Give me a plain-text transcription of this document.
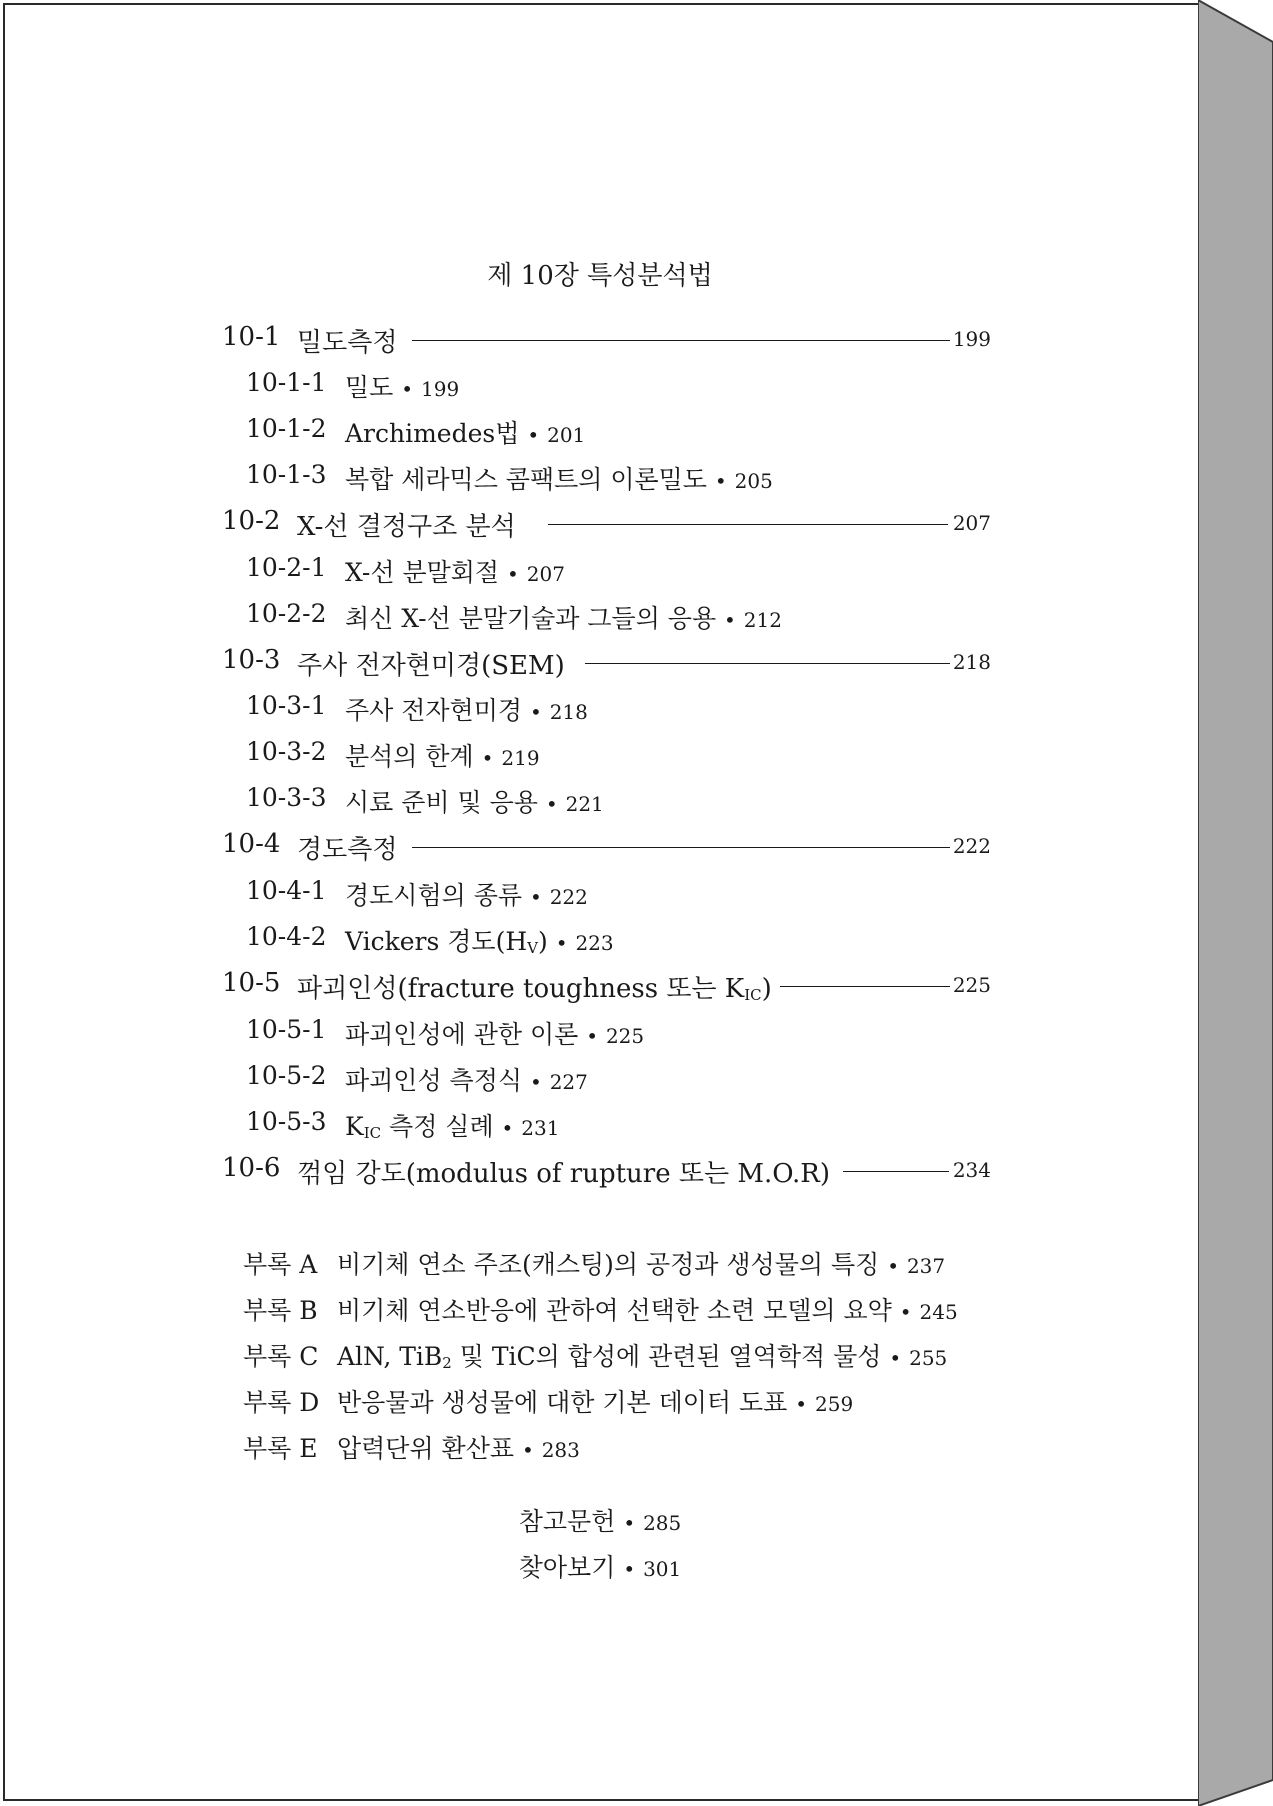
제 10장 특성분석법
10-1 밀도측정	199
10-1-1 밀도 • 199
10-1-2 Archimedes법 • 201
10-1-3 복합 세라믹스 콤팩트의 이론밀도 • 205
10-2 X-선 결정구조 분석	207
10-2-1 X-선 분말회절 • 207
10-2-2 최신 X-선 분말기술과 그들의 응용 • 212
10-3 주사 전자현미경(SEM)	218
10-3-1 주사 전자현미경 • 218
10-3-2 분석의 한계 • 219
10-3-3 시료 준비 및 응용 • 221
10-4 경도측정	222
10-4-1 경도시험의 종류 • 222
10-4-2 Vickers 경도$(H_V)$ • 223
10-5 파괴인성(fracture toughness 또는 $K_{IC}$)	225
10-5-1 파괴인성에 관한 이론 • 225
10-5-2 파괴인성 측정식 • 227
10-5-3 $K_{IC}$ 측정 실례 • 231
10-6 꺾임 강도(modulus of rupture 또는 M.O.R)	234
부록 A 비기체 연소 주조(캐스팅)의 공정과 생성물의 특징 • 237
부록 B 비기체 연소반응에 관하여 선택한 소련 모델의 요약 • 245
부록 C AlN, TiB$_2$ 및 TiC의 합성에 관련된 열역학적 물성 • 255
부록 D 반응물과 생성물에 대한 기본 데이터 도표 • 259
부록 E 압력단위 환산표 • 283
참고문헌 • 285
찾아보기 • 301
